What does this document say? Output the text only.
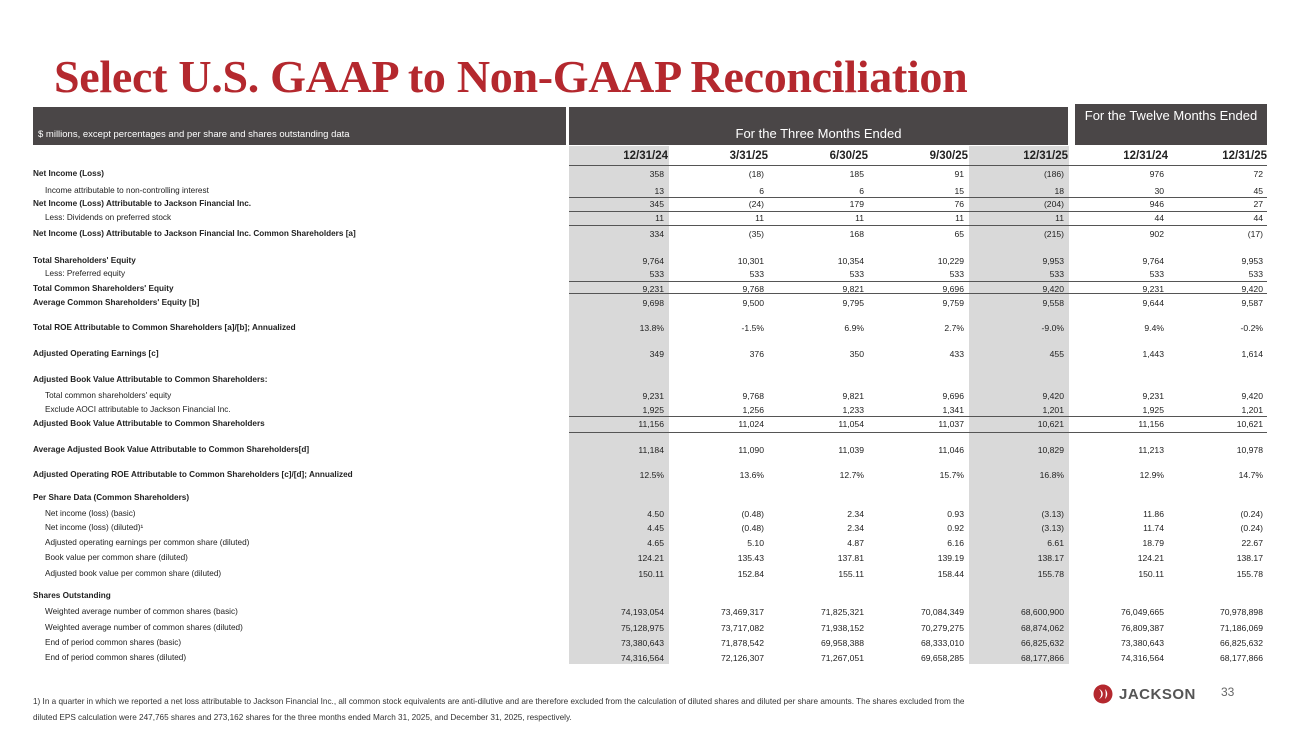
Select U.S. GAAP to Non-GAAP Reconciliation
$ millions, except percentages and per share and shares outstanding data	For the Three Months Ended
For the Twelve Months Ended
12/31/24	3/31/25	6/30/25	9/30/25	12/31/25	12/31/24	12/31/25
Net Income (Loss)	358	(18)	185	91	(186)	976	72
Income attributable to non-controlling interest	13	6	6	15	18	30	45
Net Income (Loss) Attributable to Jackson Financial Inc.	345	(24)	179	76	(204)	946	27
Less: Dividends on preferred stock	11	11	11	11	11	44	44
Net Income (Loss) Attributable to Jackson Financial Inc. Common Shareholders [a]	334	(35)	168	65	(215)	902	(17)
Total Shareholders' Equity	9,764	10,301	10,354	10,229	9,953	9,764	9,953
Less: Preferred equity	533	533	533	533	533	533	533
Total Common Shareholders' Equity	9,231	9,768	9,821	9,696	9,420	9,231	9,420
Average Common Shareholders' Equity [b]	9,698	9,500	9,795	9,759	9,558	9,644	9,587
Total ROE Attributable to Common Shareholders [a]/[b]; Annualized	13.8%	-1.5%	6.9%	2.7%	-9.0%	9.4%	-0.2%
Adjusted Operating Earnings [c]	349	376	350	433	455	1,443	1,614
Adjusted Book Value Attributable to Common Shareholders:
Total common shareholders' equity	9,231	9,768	9,821	9,696	9,420	9,231	9,420
Exclude AOCI attributable to Jackson Financial Inc.	1,925	1,256	1,233	1,341	1,201	1,925	1,201
Adjusted Book Value Attributable to Common Shareholders	11,156	11,024	11,054	11,037	10,621	11,156	10,621
Average Adjusted Book Value Attributable to Common Shareholders[d]	11,184	11,090	11,039	11,046	10,829	11,213	10,978
Adjusted Operating ROE Attributable to Common Shareholders [c]/[d]; Annualized	12.5%	13.6%	12.7%	15.7%	16.8%	12.9%	14.7%
Per Share Data (Common Shareholders)
Net income (loss) (basic)	4.50	(0.48)	2.34	0.93	(3.13)	11.86	(0.24)
Net income (loss) (diluted)¹	4.45	(0.48)	2.34	0.92	(3.13)	11.74	(0.24)
Adjusted operating earnings per common share (diluted)	4.65	5.10	4.87	6.16	6.61	18.79	22.67
Book value per common share (diluted)	124.21	135.43	137.81	139.19	138.17	124.21	138.17
Adjusted book value per common share (diluted)	150.11	152.84	155.11	158.44	155.78	150.11	155.78
Shares Outstanding
Weighted average number of common shares (basic)	74,193,054	73,469,317	71,825,321	70,084,349	68,600,900	76,049,665	70,978,898
Weighted average number of common shares (diluted)	75,128,975	73,717,082	71,938,152	70,279,275	68,874,062	76,809,387	71,186,069
End of period common shares (basic)	73,380,643	71,878,542	69,958,388	68,333,010	66,825,632	73,380,643	66,825,632
End of period common shares (diluted)	74,316,564	72,126,307	71,267,051	69,658,285	68,177,866	74,316,564	68,177,866
1) In a quarter in which we reported a net loss attributable to Jackson Financial Inc., all common stock equivalents are anti-dilutive and are therefore excluded from the calculation of diluted shares and diluted per share amounts. The shares excluded from the diluted EPS calculation were 247,765 shares and 273,162 shares for the three months ended March 31, 2025, and December 31, 2025, respectively.
JACKSON 33
